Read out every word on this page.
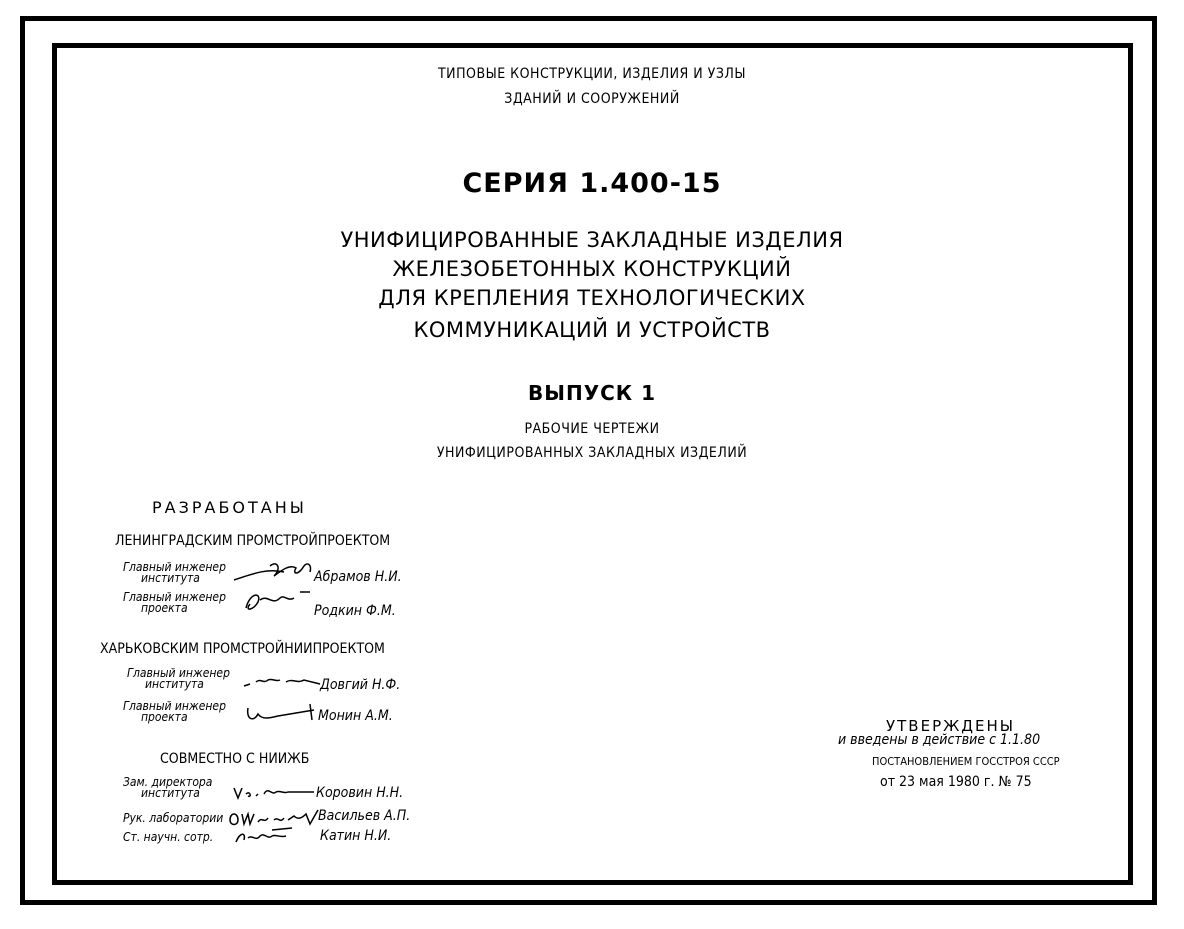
ТИПОВЫЕ КОНСТРУКЦИИ, ИЗДЕЛИЯ И УЗЛЫ
ЗДАНИЙ И СООРУЖЕНИЙ
СЕРИЯ 1.400-15
УНИФИЦИРОВАННЫЕ ЗАКЛАДНЫЕ ИЗДЕЛИЯ
ЖЕЛЕЗОБЕТОННЫХ КОНСТРУКЦИЙ
ДЛЯ КРЕПЛЕНИЯ ТЕХНОЛОГИЧЕСКИХ
КОММУНИКАЦИЙ И УСТРОЙСТВ
ВЫПУСК 1
РАБОЧИЕ ЧЕРТЕЖИ
УНИФИЦИРОВАННЫХ ЗАКЛАДНЫХ ИЗДЕЛИЙ
РАЗРАБОТАНЫ
ЛЕНИНГРАДСКИМ ПРОМСТРОЙПРОЕКТОМ
Главный инженер
института	Абрамов Н.И.
Главный инженер
проекта	Родкин Ф.М.
ХАРЬКОВСКИМ ПРОМСТРОЙНИИПРОЕКТОМ
Главный инженер
института	Довгий Н.Ф.
Главный инженер
проекта	Монин А.М.
СОВМЕСТНО С НИИЖБ
Зам. директора
института	Коровин Н.Н.
Рук. лаборатории	Васильев А.П.
Ст. научн. сотр.	Катин Н.И.
УТВЕРЖДЕНЫ
и введены в действие с 1.1.80
ПОСТАНОВЛЕНИЕМ ГОССТРОЯ СССР
от 23 мая 1980 г. № 75
